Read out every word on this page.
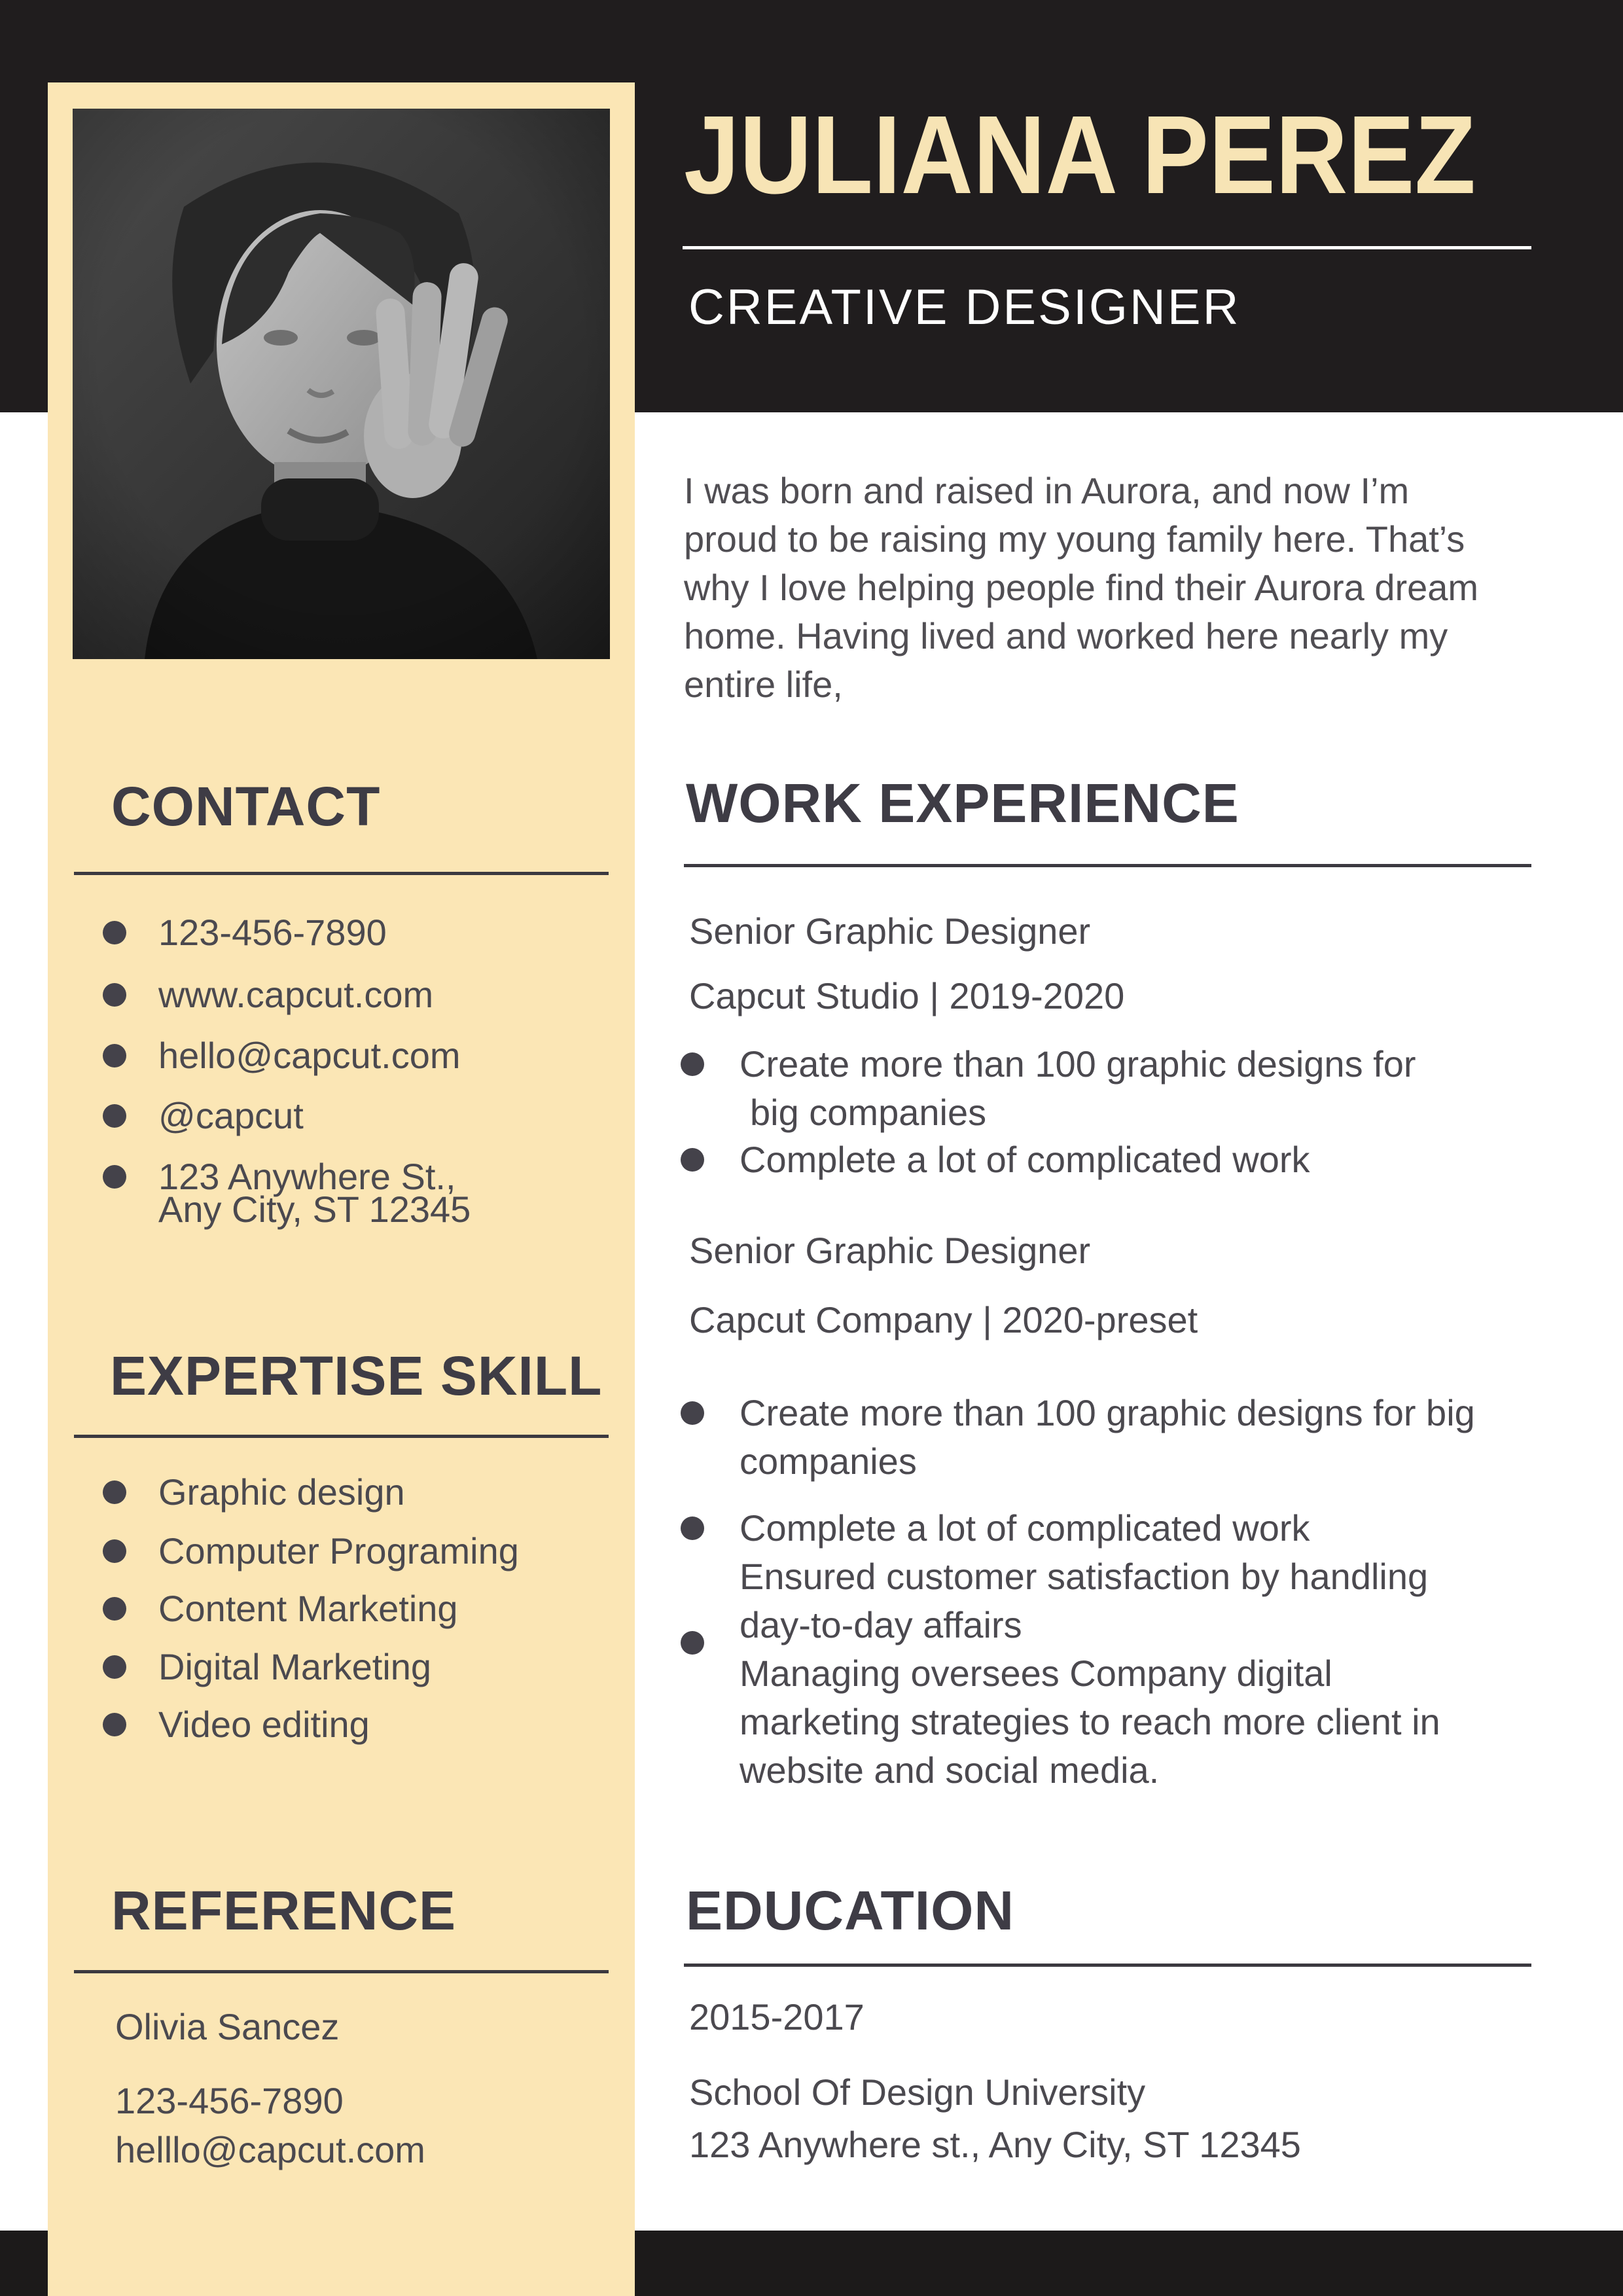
JULIANA PEREZ
CREATIVE DESIGNER
I was born and raised in Aurora, and now I’m
proud to be raising my young family here. That’s
why I love helping people find their Aurora dream
home. Having lived and worked here nearly my
entire life,
CONTACT
123-456-7890
www.capcut.com
hello@capcut.com
@capcut
123 Anywhere St.,
Any City, ST 12345
EXPERTISE SKILL
Graphic design
Computer Programing
Content Marketing
Digital Marketing
Video editing
REFERENCE
Olivia Sancez
123-456-7890
helllo@capcut.com
WORK EXPERIENCE
Senior Graphic Designer
Capcut Studio | 2019-2020
Create more than 100 graphic designs for
big companies
Complete a lot of complicated work
Senior Graphic Designer
Capcut Company | 2020-preset
Create more than 100 graphic designs for big
companies
Complete a lot of complicated work
Ensured customer satisfaction by handling
day-to-day affairs
Managing oversees Company digital
marketing strategies to reach more client in
website and social media.
EDUCATION
2015-2017
School Of Design University
123 Anywhere st., Any City, ST 12345
